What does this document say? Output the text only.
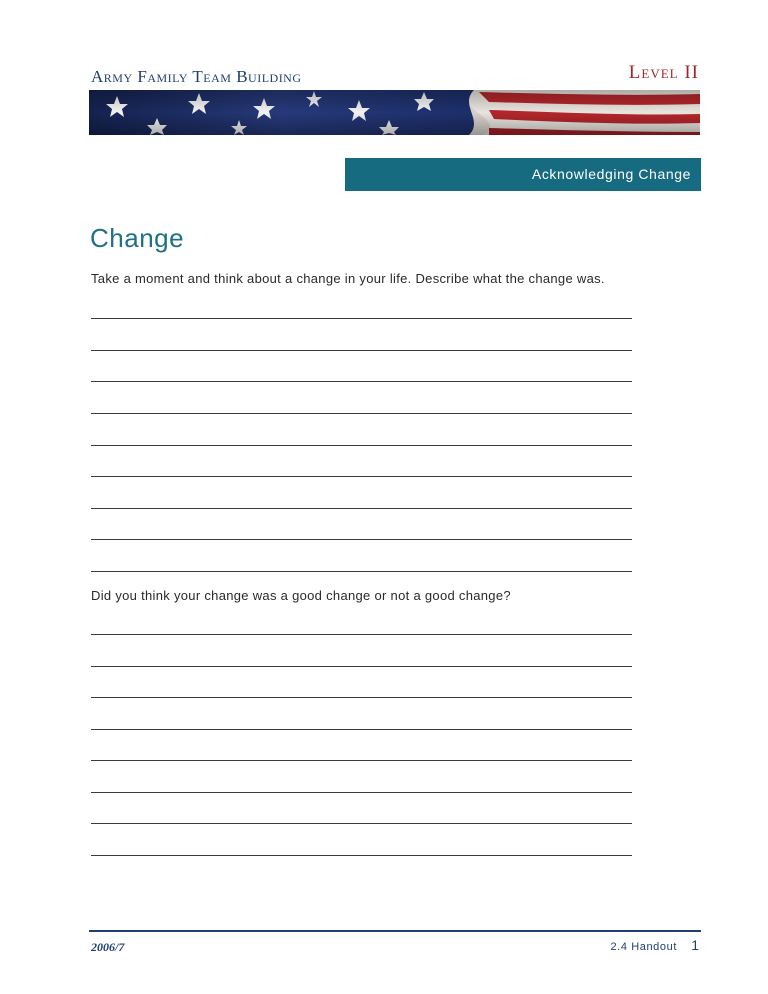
Army Family Team Building	Level II
Acknowledging Change
Change
Take a moment and think about a change in your life. Describe what the change was.
Did you think your change was a good change or not a good change?
2006/7	2.4 Handout 1
